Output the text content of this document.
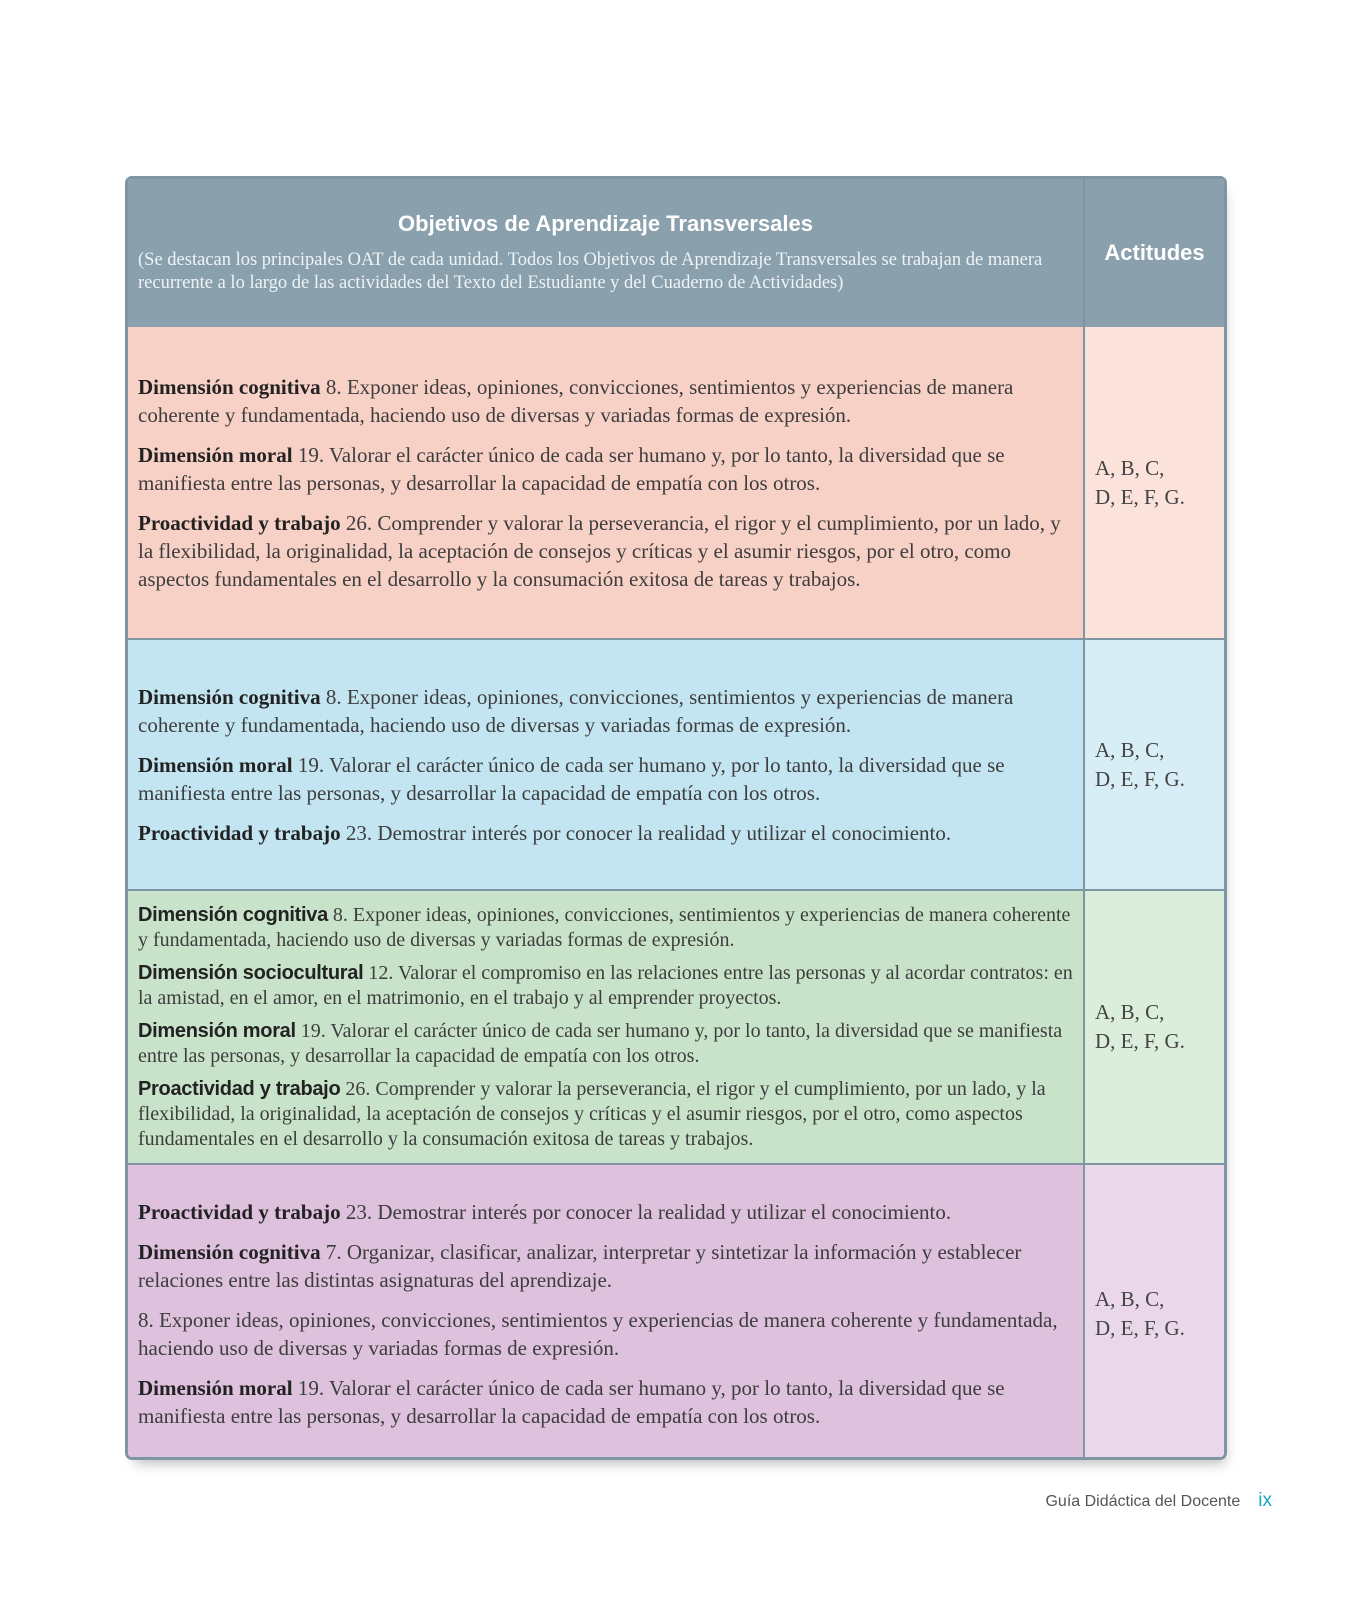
Objetivos de Aprendizaje Transversales
(Se destacan los principales OAT de cada unidad. Todos los Objetivos de Aprendizaje Transversales se trabajan de manera recurrente a lo largo de las actividades del Texto del Estudiante y del Cuaderno de Actividades)
Actitudes

Dimensión cognitiva 8. Exponer ideas, opiniones, convicciones, sentimientos y experiencias de manera coherente y fundamentada, haciendo uso de diversas y variadas formas de expresión.

Dimensión moral 19. Valorar el carácter único de cada ser humano y, por lo tanto, la diversidad que se manifiesta entre las personas, y desarrollar la capacidad de empatía con los otros.

Proactividad y trabajo 26. Comprender y valorar la perseverancia, el rigor y el cumplimiento, por un lado, y la flexibilidad, la originalidad, la aceptación de consejos y críticas y el asumir riesgos, por el otro, como aspectos fundamentales en el desarrollo y la consumación exitosa de tareas y trabajos.

A, B, C,
D, E, F, G.

Dimensión cognitiva 8. Exponer ideas, opiniones, convicciones, sentimientos y experiencias de manera coherente y fundamentada, haciendo uso de diversas y variadas formas de expresión.

Dimensión moral 19. Valorar el carácter único de cada ser humano y, por lo tanto, la diversidad que se manifiesta entre las personas, y desarrollar la capacidad de empatía con los otros.

Proactividad y trabajo 23. Demostrar interés por conocer la realidad y utilizar el conocimiento.

A, B, C,
D, E, F, G.

Dimensión cognitiva 8. Exponer ideas, opiniones, convicciones, sentimientos y experiencias de manera coherente y fundamentada, haciendo uso de diversas y variadas formas de expresión.

Dimensión sociocultural 12. Valorar el compromiso en las relaciones entre las personas y al acordar contratos: en la amistad, en el amor, en el matrimonio, en el trabajo y al emprender proyectos.

Dimensión moral 19. Valorar el carácter único de cada ser humano y, por lo tanto, la diversidad que se manifiesta entre las personas, y desarrollar la capacidad de empatía con los otros.

Proactividad y trabajo 26. Comprender y valorar la perseverancia, el rigor y el cumplimiento, por un lado, y la flexibilidad, la originalidad, la aceptación de consejos y críticas y el asumir riesgos, por el otro, como aspectos fundamentales en el desarrollo y la consumación exitosa de tareas y trabajos.

A, B, C,
D, E, F, G.

Proactividad y trabajo 23. Demostrar interés por conocer la realidad y utilizar el conocimiento.

Dimensión cognitiva 7. Organizar, clasificar, analizar, interpretar y sintetizar la información y establecer relaciones entre las distintas asignaturas del aprendizaje.

8. Exponer ideas, opiniones, convicciones, sentimientos y experiencias de manera coherente y fundamentada, haciendo uso de diversas y variadas formas de expresión.

Dimensión moral 19. Valorar el carácter único de cada ser humano y, por lo tanto, la diversidad que se manifiesta entre las personas, y desarrollar la capacidad de empatía con los otros.

A, B, C,
D, E, F, G.
Guía Didáctica del Docente ix
